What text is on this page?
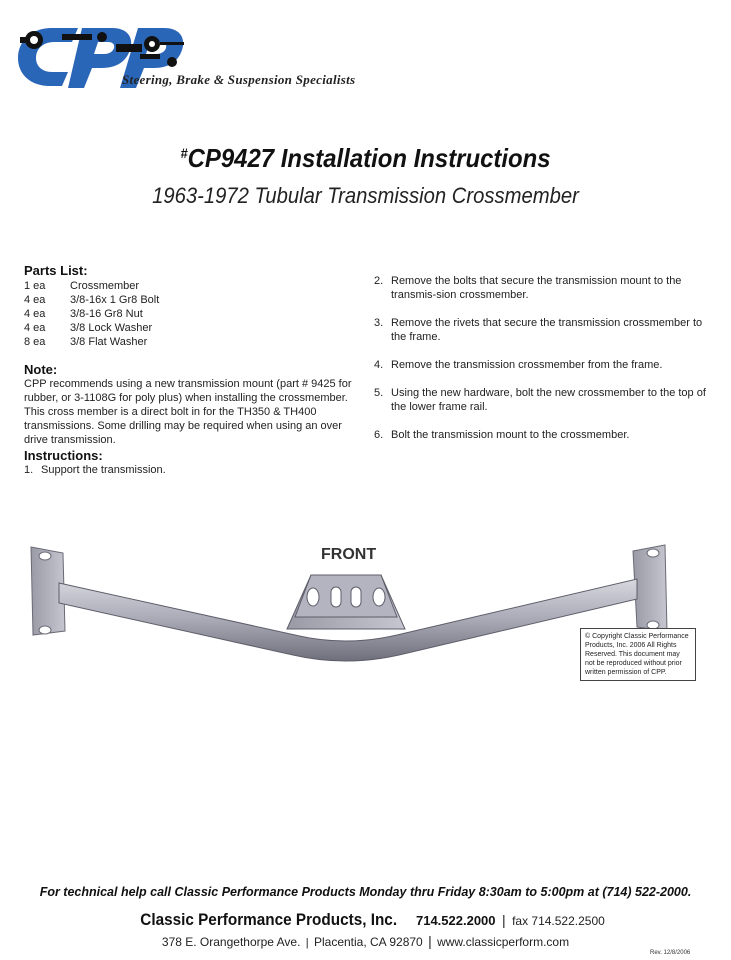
Steering, Brake & Suspension Specialists
#CP9427 Installation Instructions
1963-1972 Tubular Transmission Crossmember
Parts List:
1 ea	Crossmember
4 ea	3/8-16x 1 Gr8 Bolt
4 ea	3/8-16 Gr8 Nut
4 ea	3/8 Lock Washer
8 ea	3/8 Flat Washer
Note:
CPP recommends using a new transmission mount (part # 9425 for rubber, or 3-1108G for poly plus) when installing the crossmember. This cross member is a direct bolt in for the TH350 & TH400 transmissions. Some drilling may be required when using an over drive transmission.
Instructions:
1. Support the transmission.
2. Remove the bolts that secure the transmission mount to the transmis-sion crossmember.
3. Remove the rivets that secure the transmission crossmember to the frame.
4. Remove the transmission crossmember from the frame.
5. Using the new hardware, bolt the new crossmember to the top of the lower frame rail.
6. Bolt the transmission mount to the crossmember.
FRONT
© Copyright Classic Performance Products, Inc. 2006 All Rights Reserved. This document may not be reproduced without prior written permission of CPP.
For technical help call Classic Performance Products Monday thru Friday 8:30am to 5:00pm at (714) 522-2000.
Classic Performance Products, Inc. 714.522.2000 | fax 714.522.2500
378 E. Orangethorpe Ave. | Placentia, CA 92870 | www.classicperform.com
Rev. 12/8/2006
